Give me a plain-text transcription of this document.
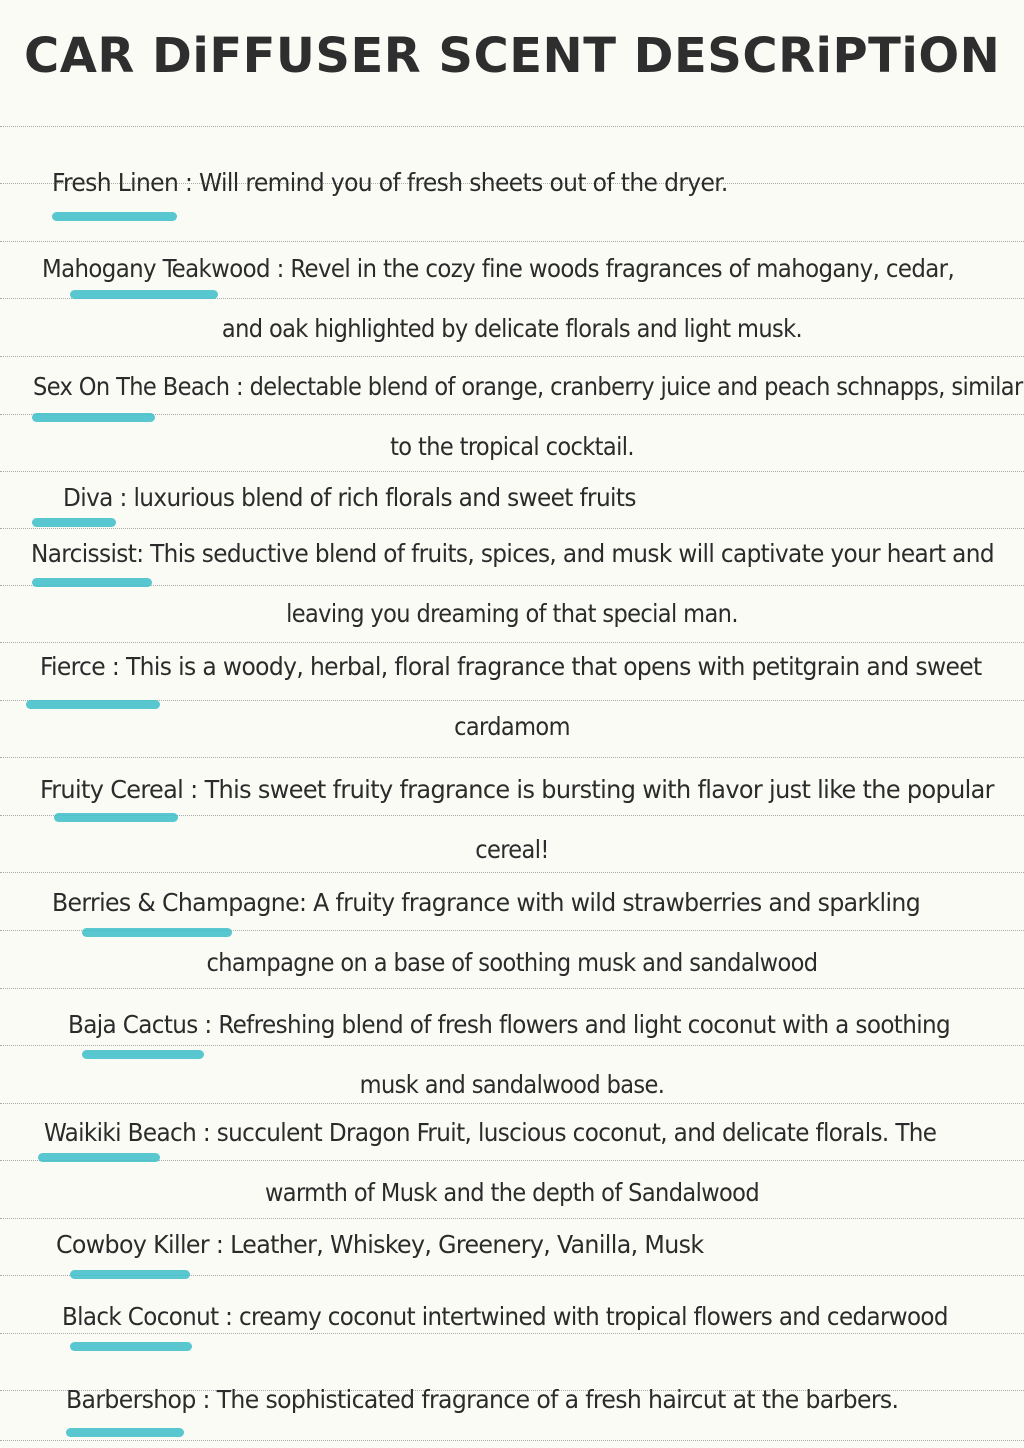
CAR DiFFUSER SCENT DESCRiPTiON
Fresh Linen : Will remind you of fresh sheets out of the dryer.
Mahogany Teakwood : Revel in the cozy fine woods fragrances of mahogany, cedar,
and oak highlighted by delicate florals and light musk.
Sex On The Beach : delectable blend of orange, cranberry juice and peach schnapps, similar
to the tropical cocktail.
Diva : luxurious blend of rich florals and sweet fruits
Narcissist: This seductive blend of fruits, spices, and musk will captivate your heart and
leaving you dreaming of that special man.
Fierce : This is a woody, herbal, floral fragrance that opens with petitgrain and sweet
cardamom
Fruity Cereal : This sweet fruity fragrance is bursting with flavor just like the popular
cereal!
Berries & Champagne: A fruity fragrance with wild strawberries and sparkling
champagne on a base of soothing musk and sandalwood
Baja Cactus : Refreshing blend of fresh flowers and light coconut with a soothing
musk and sandalwood base.
Waikiki Beach : succulent Dragon Fruit, luscious coconut, and delicate florals. The
warmth of Musk and the depth of Sandalwood
Cowboy Killer : Leather, Whiskey, Greenery, Vanilla, Musk
Black Coconut : creamy coconut intertwined with tropical flowers and cedarwood
Barbershop : The sophisticated fragrance of a fresh haircut at the barbers.
